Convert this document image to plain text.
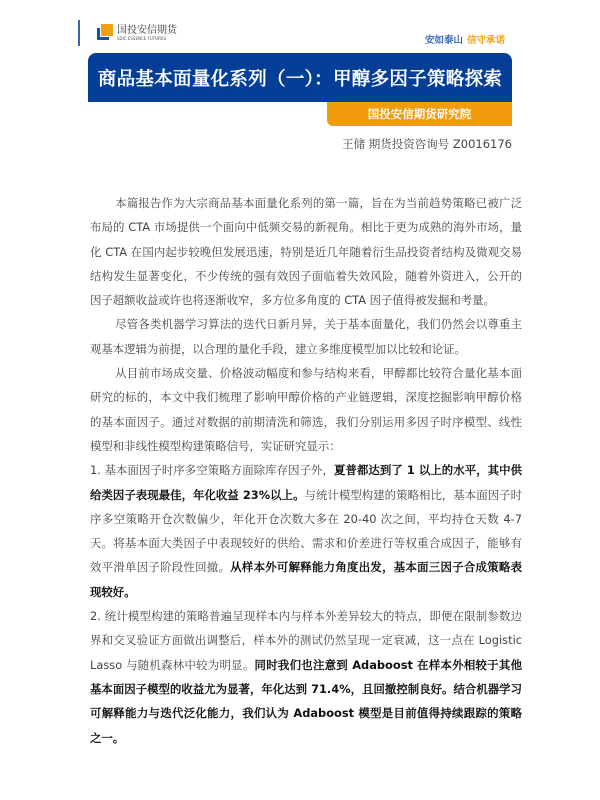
国投安信期货
SDIC ESSENCE FUTURES	安如泰山 信守承诺
商品基本面量化系列（一）：甲醇多因子策略探索
国投安信期货研究院
王储 期货投资咨询号 Z0016176

本篇报告作为大宗商品基本面量化系列的第一篇，旨在为当前趋势策略已被广泛布局的 CTA 市场提供一个面向中低频交易的新视角。相比于更为成熟的海外市场，量化 CTA 在国内起步较晚但发展迅速，特别是近几年随着衍生品投资者结构及微观交易结构发生显著变化，不少传统的强有效因子面临着失效风险，随着外资进入，公开的因子超额收益或许也将逐渐收窄，多方位多角度的 CTA 因子值得被发掘和考量。

尽管各类机器学习算法的迭代日新月异，关于基本面量化，我们仍然会以尊重主观基本逻辑为前提，以合理的量化手段，建立多维度模型加以比较和论证。

从目前市场成交量、价格波动幅度和参与结构来看，甲醇都比较符合量化基本面研究的标的，本文中我们梳理了影响甲醇价格的产业链逻辑，深度挖掘影响甲醇价格的基本面因子。通过对数据的前期清洗和筛选，我们分别运用多因子时序模型、线性模型和非线性模型构建策略信号，实证研究显示：

1. 基本面因子时序多空策略方面除库存因子外，夏普都达到了 1 以上的水平，其中供给类因子表现最佳，年化收益 23%以上。与统计模型构建的策略相比，基本面因子时序多空策略开仓次数偏少，年化开仓次数大多在 20-40 次之间，平均持仓天数 4-7 天。将基本面大类因子中表现较好的供给、需求和价差进行等权重合成因子，能够有效平滑单因子阶段性回撤。从样本外可解释能力角度出发，基本面三因子合成策略表现较好。

2. 统计模型构建的策略普遍呈现样本内与样本外差异较大的特点，即便在限制参数边界和交叉验证方面做出调整后，样本外的测试仍然呈现一定衰减，这一点在 Logistic Lasso 与随机森林中较为明显。同时我们也注意到 Adaboost 在样本外相较于其他基本面因子模型的收益尤为显著，年化达到 71.4%，且回撤控制良好。结合机器学习可解释能力与迭代泛化能力，我们认为 Adaboost 模型是目前值得持续跟踪的策略之一。
